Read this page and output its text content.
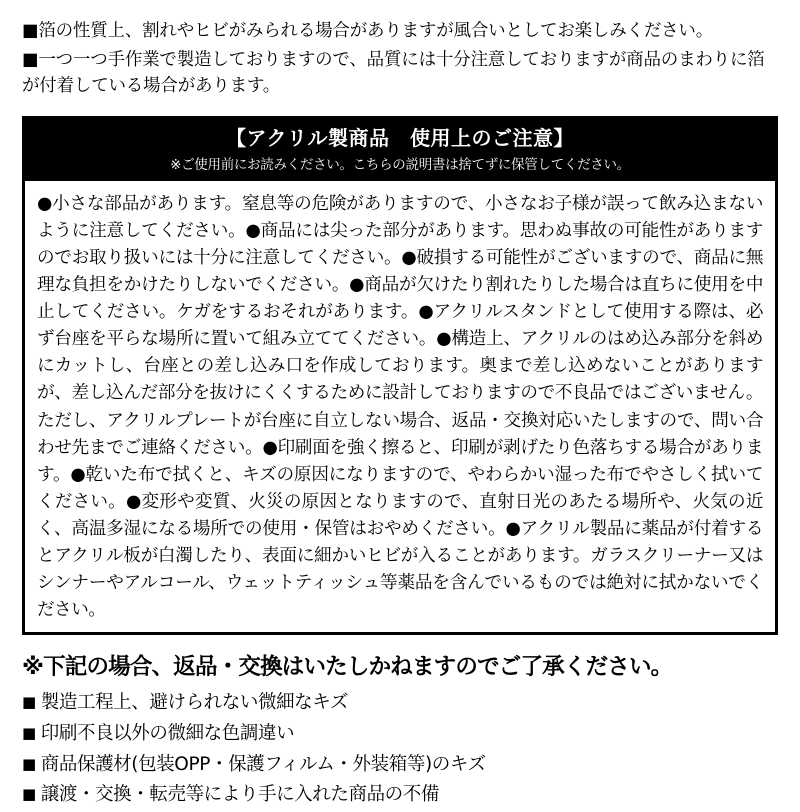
■箔の性質上、割れやヒビがみられる場合がありますが風合いとしてお楽しみください。

■一つ一つ手作業で製造しておりますので、品質には十分注意しておりますが商品のまわりに箔が付着している場合があります。

【アクリル製商品　使用上のご注意】
※ご使用前にお読みください。こちらの説明書は捨てずに保管してください。
●小さな部品があります。窒息等の危険がありますので、小さなお子様が誤って飲み込まないように注意してください。●商品には尖った部分があります。思わぬ事故の可能性がありますのでお取り扱いには十分に注意してください。●破損する可能性がございますので、商品に無理な負担をかけたりしないでください。●商品が欠けたり割れたりした場合は直ちに使用を中止してください。ケガをするおそれがあります。●アクリルスタンドとして使用する際は、必ず台座を平らな場所に置いて組み立ててください。●構造上、アクリルのはめ込み部分を斜めにカットし、台座との差し込み口を作成しております。奥まで差し込めないことがありますが、差し込んだ部分を抜けにくくするために設計しておりますので不良品ではございません。ただし、アクリルプレートが台座に自立しない場合、返品・交換対応いたしますので、問い合わせ先までご連絡ください。●印刷面を強く擦ると、印刷が剥げたり色落ちする場合があります。●乾いた布で拭くと、キズの原因になりますので、やわらかい湿った布でやさしく拭いてください。●変形や変質、火災の原因となりますので、直射日光のあたる場所や、火気の近く、高温多湿になる場所での使用・保管はおやめください。●アクリル製品に薬品が付着するとアクリル板が白濁したり、表面に細かいヒビが入ることがあります。ガラスクリーナー又はシンナーやアルコール、ウェットティッシュ等薬品を含んでいるものでは絶対に拭かないでください。
※下記の場合、返品・交換はいたしかねますのでご了承ください。
■ 製造工程上、避けられない微細なキズ
■ 印刷不良以外の微細な色調違い
■ 商品保護材(包装OPP・保護フィルム・外装箱等)のキズ
■ 譲渡・交換・転売等により手に入れた商品の不備
